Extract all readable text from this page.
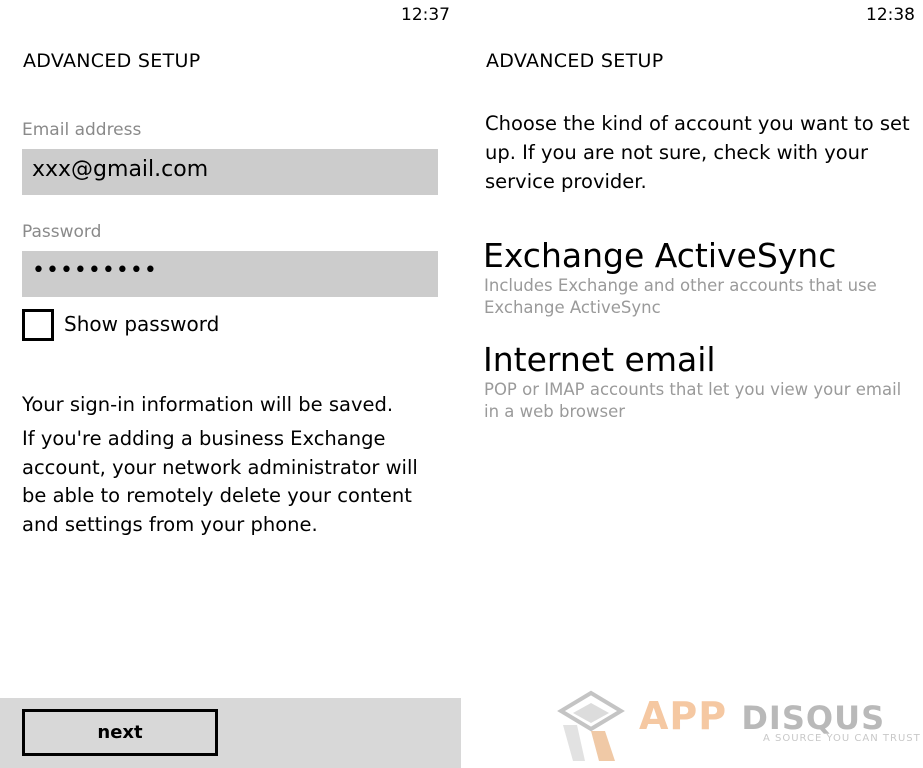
12:37
ADVANCED SETUP
Email address
xxx@gmail.com
Password
•••••••••
Show password
Your sign-in information will be saved.
If you're adding a business Exchange account, your network administrator will be able to remotely delete your content and settings from your phone.
next
12:38
ADVANCED SETUP
Choose the kind of account you want to set up. If you are not sure, check with your service provider.
Exchange ActiveSync
Includes Exchange and other accounts that use Exchange ActiveSync
Internet email
POP or IMAP accounts that let you view your email in a web browser
APP DISQUS
A SOURCE YOU CAN TRUST
